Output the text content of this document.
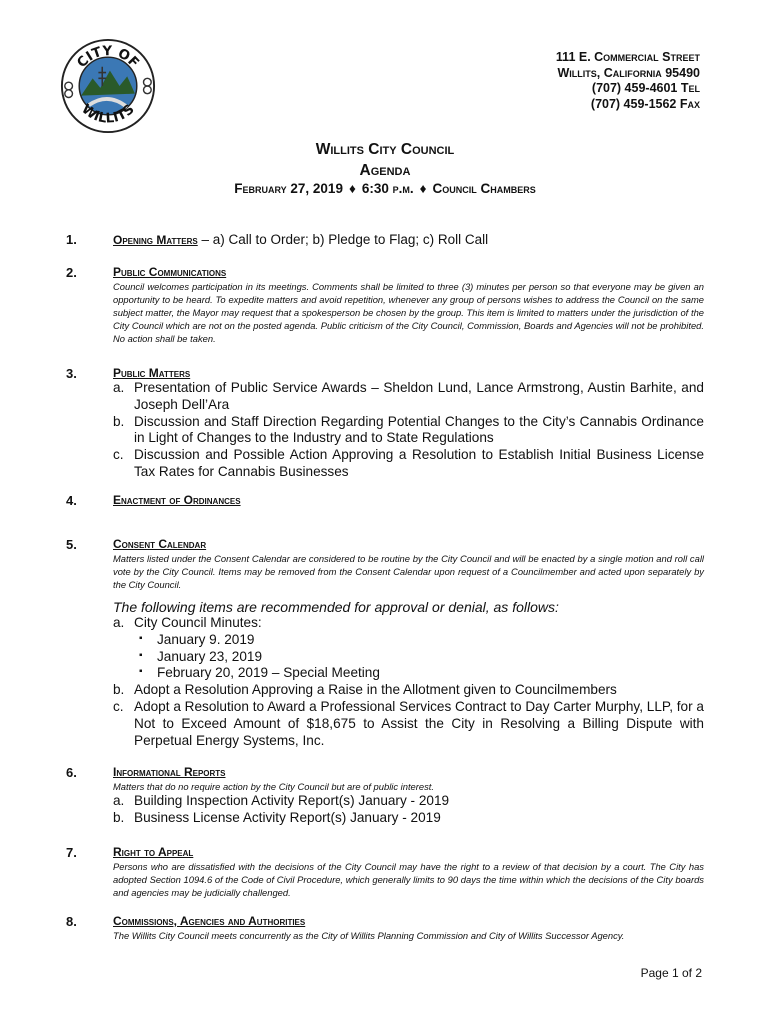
CITY OF
WILLITS
111 E. Commercial Street
Willits, California 95490
(707) 459-4601 Tel
(707) 459-1562 Fax
Willits City Council
Agenda
February 27, 2019 ♦ 6:30 p.m. ♦ Council Chambers
1.	Opening Matters – a) Call to Order; b) Pledge to Flag; c) Roll Call
2.	Public Communications
Council welcomes participation in its meetings. Comments shall be limited to three (3) minutes per person so that everyone may be given an opportunity to be heard. To expedite matters and avoid repetition, whenever any group of persons wishes to address the Council on the same subject matter, the Mayor may request that a spokesperson be chosen by the group. This item is limited to matters under the jurisdiction of the City Council which are not on the posted agenda. Public criticism of the City Council, Commission, Boards and Agencies will not be prohibited. No action shall be taken.
3.	Public Matters
a. Presentation of Public Service Awards – Sheldon Lund, Lance Armstrong, Austin Barhite, and Joseph Dell’Ara
b. Discussion and Staff Direction Regarding Potential Changes to the City’s Cannabis Ordinance in Light of Changes to the Industry and to State Regulations
c. Discussion and Possible Action Approving a Resolution to Establish Initial Business License Tax Rates for Cannabis Businesses
4.	Enactment of Ordinances
5.	Consent Calendar
Matters listed under the Consent Calendar are considered to be routine by the City Council and will be enacted by a single motion and roll call vote by the City Council. Items may be removed from the Consent Calendar upon request of a Councilmember and acted upon separately by the City Council.
The following items are recommended for approval or denial, as follows:
a. City Council Minutes:
▪ January 9. 2019
▪ January 23, 2019
▪ February 20, 2019 – Special Meeting
b. Adopt a Resolution Approving a Raise in the Allotment given to Councilmembers
c. Adopt a Resolution to Award a Professional Services Contract to Day Carter Murphy, LLP, for a Not to Exceed Amount of $18,675 to Assist the City in Resolving a Billing Dispute with Perpetual Energy Systems, Inc.
6.	Informational Reports
Matters that do no require action by the City Council but are of public interest.
a. Building Inspection Activity Report(s) January - 2019
b. Business License Activity Report(s) January - 2019
7.	Right to Appeal
Persons who are dissatisfied with the decisions of the City Council may have the right to a review of that decision by a court. The City has adopted Section 1094.6 of the Code of Civil Procedure, which generally limits to 90 days the time within which the decisions of the City boards and agencies may be judicially challenged.
8.	Commissions, Agencies and Authorities
The Willits City Council meets concurrently as the City of Willits Planning Commission and City of Willits Successor Agency.
Page 1 of 2
